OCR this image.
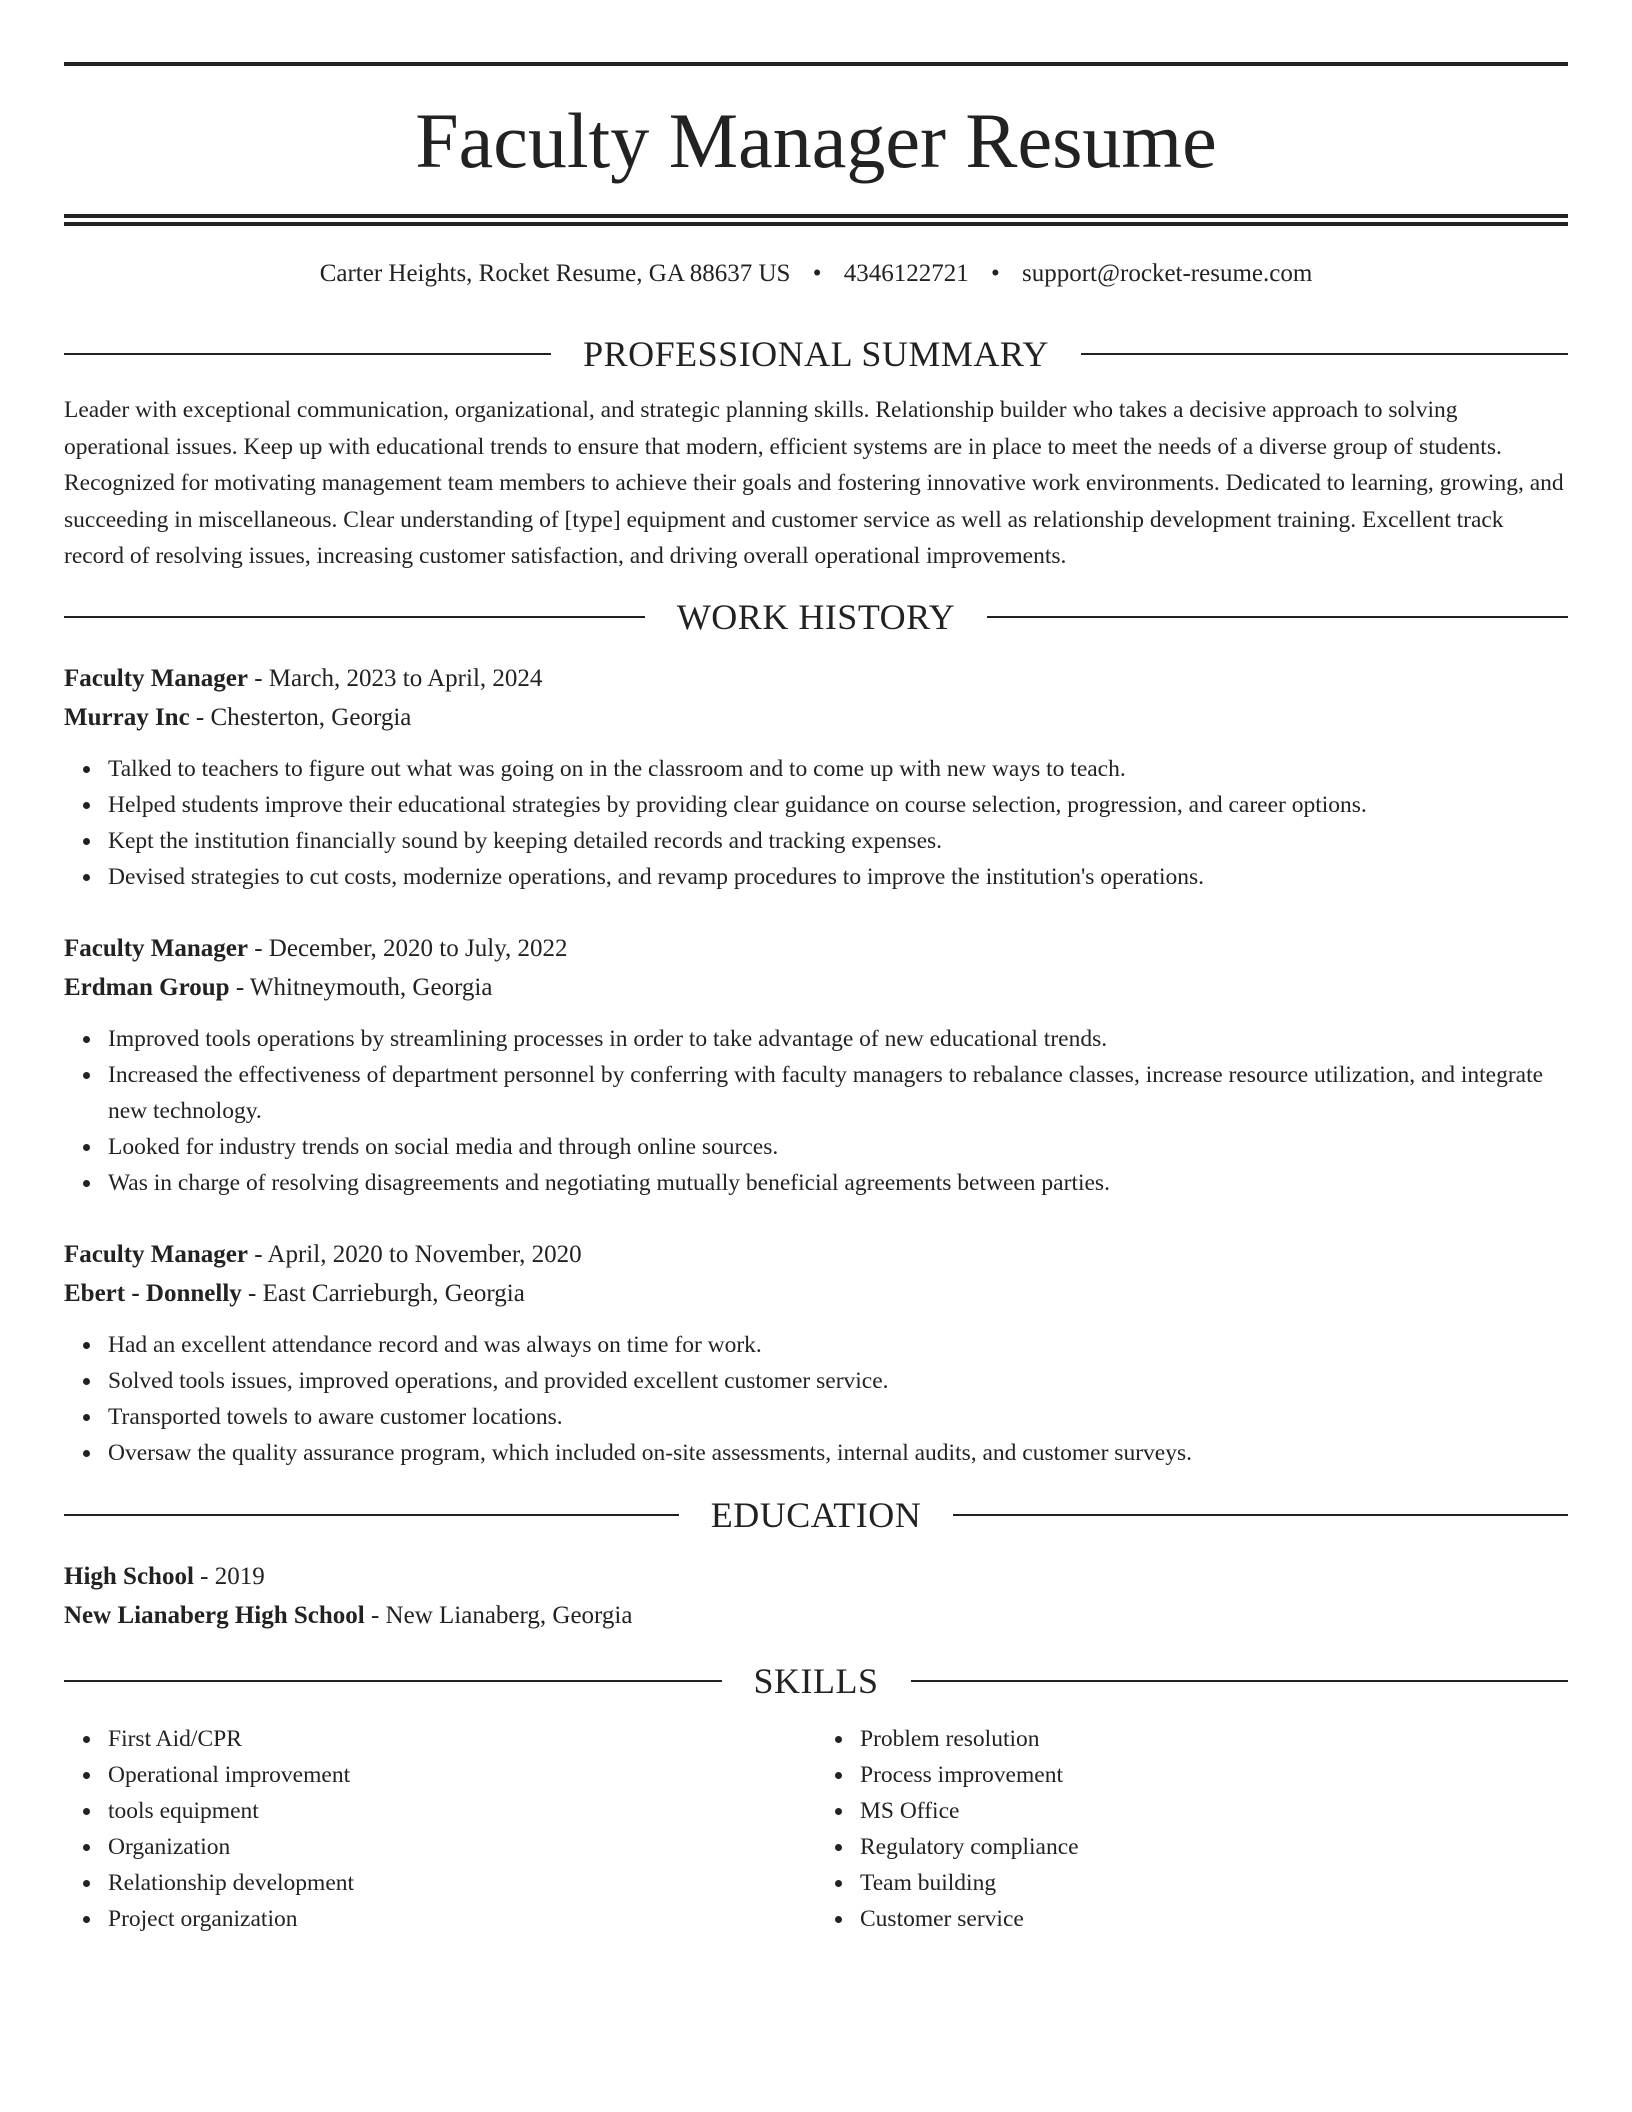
Faculty Manager Resume
Carter Heights, Rocket Resume, GA 88637 US • 4346122721 • support@rocket-resume.com
PROFESSIONAL SUMMARY

Leader with exceptional communication, organizational, and strategic planning skills. Relationship builder who takes a decisive approach to solving operational issues. Keep up with educational trends to ensure that modern, efficient systems are in place to meet the needs of a diverse group of students. Recognized for motivating management team members to achieve their goals and fostering innovative work environments. Dedicated to learning, growing, and succeeding in miscellaneous. Clear understanding of [type] equipment and customer service as well as relationship development training. Excellent track record of resolving issues, increasing customer satisfaction, and driving overall operational improvements.

WORK HISTORY
Faculty Manager - March, 2023 to April, 2024
Murray Inc - Chesterton, Georgia
Talked to teachers to figure out what was going on in the classroom and to come up with new ways to teach.
Helped students improve their educational strategies by providing clear guidance on course selection, progression, and career options.
Kept the institution financially sound by keeping detailed records and tracking expenses.
Devised strategies to cut costs, modernize operations, and revamp procedures to improve the institution's operations.
Faculty Manager - December, 2020 to July, 2022
Erdman Group - Whitneymouth, Georgia
Improved tools operations by streamlining processes in order to take advantage of new educational trends.
Increased the effectiveness of department personnel by conferring with faculty managers to rebalance classes, increase resource utilization, and integrate new technology.
Looked for industry trends on social media and through online sources.
Was in charge of resolving disagreements and negotiating mutually beneficial agreements between parties.
Faculty Manager - April, 2020 to November, 2020
Ebert - Donnelly - East Carrieburgh, Georgia
Had an excellent attendance record and was always on time for work.
Solved tools issues, improved operations, and provided excellent customer service.
Transported towels to aware customer locations.
Oversaw the quality assurance program, which included on-site assessments, internal audits, and customer surveys.
EDUCATION
High School - 2019
New Lianaberg High School - New Lianaberg, Georgia
SKILLS
First Aid/CPR
Operational improvement
tools equipment
Organization
Relationship development
Project organization
Problem resolution
Process improvement
MS Office
Regulatory compliance
Team building
Customer service
